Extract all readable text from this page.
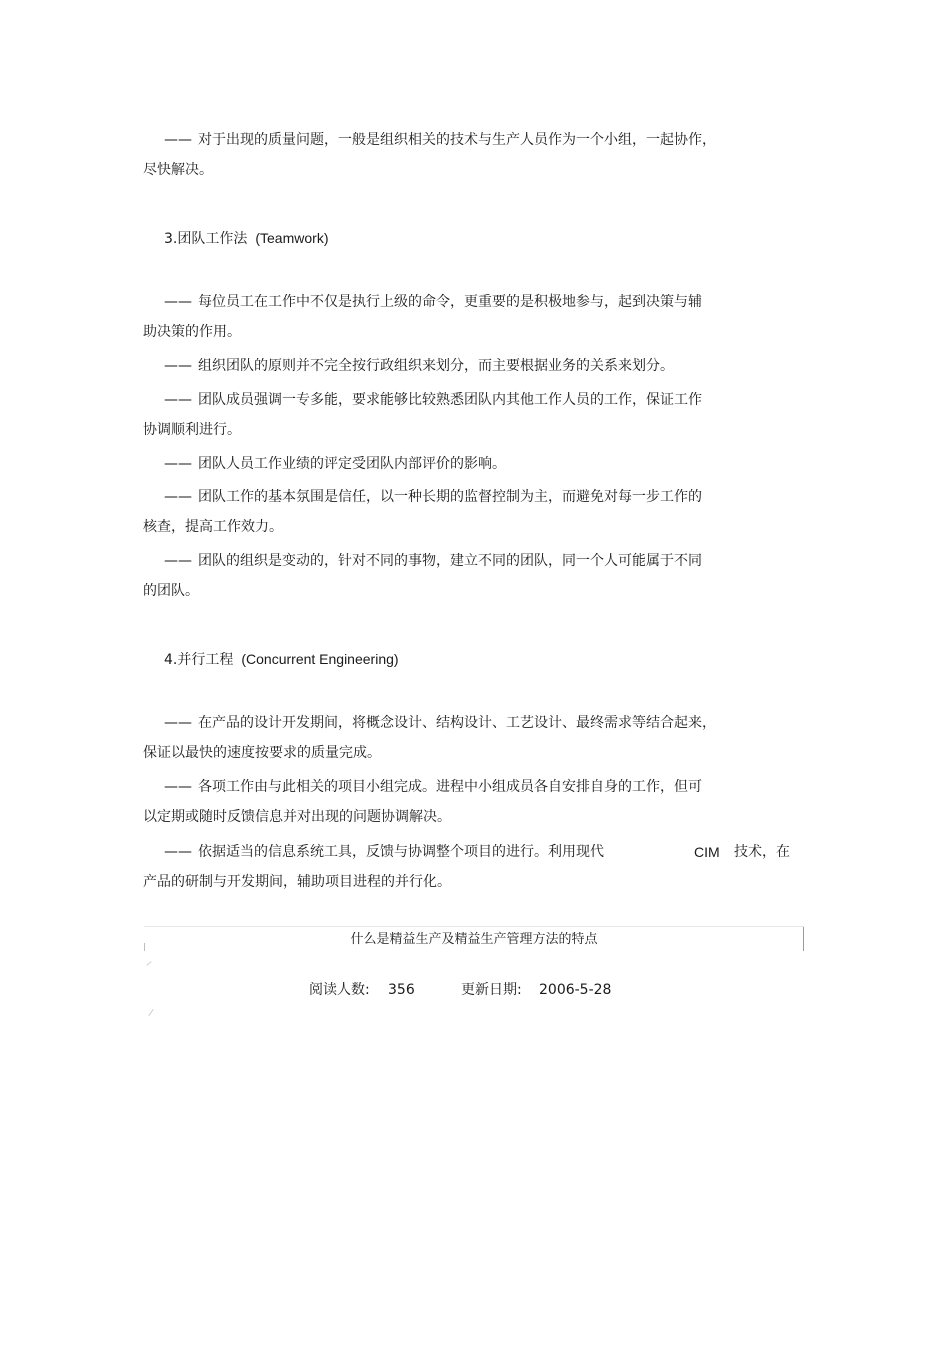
—— 对于出现的质量问题，一般是组织相关的技术与生产人员作为一个小组，一起协作，
尽快解决。
3.团队工作法 (Teamwork)
—— 每位员工在工作中不仅是执行上级的命令，更重要的是积极地参与，起到决策与辅
助决策的作用。
—— 组织团队的原则并不完全按行政组织来划分，而主要根据业务的关系来划分。
—— 团队成员强调一专多能，要求能够比较熟悉团队内其他工作人员的工作，保证工作
协调顺利进行。
—— 团队人员工作业绩的评定受团队内部评价的影响。
—— 团队工作的基本氛围是信任，以一种长期的监督控制为主，而避免对每一步工作的
核查，提高工作效力。
—— 团队的组织是变动的，针对不同的事物，建立不同的团队，同一个人可能属于不同
的团队。
4.并行工程 (Concurrent Engineering)
—— 在产品的设计开发期间，将概念设计、结构设计、工艺设计、最终需求等结合起来，
保证以最快的速度按要求的质量完成。
—— 各项工作由与此相关的项目小组完成。进程中小组成员各自安排自身的工作，但可
以定期或随时反馈信息并对出现的问题协调解决。
—— 依据适当的信息系统工具，反馈与协调整个项目的进行。利用现代	CIM 技术，在
产品的研制与开发期间，辅助项目进程的并行化。
什么是精益生产及精益生产管理方法的特点
阅读人数: 356	更新日期: 2006-5-28
